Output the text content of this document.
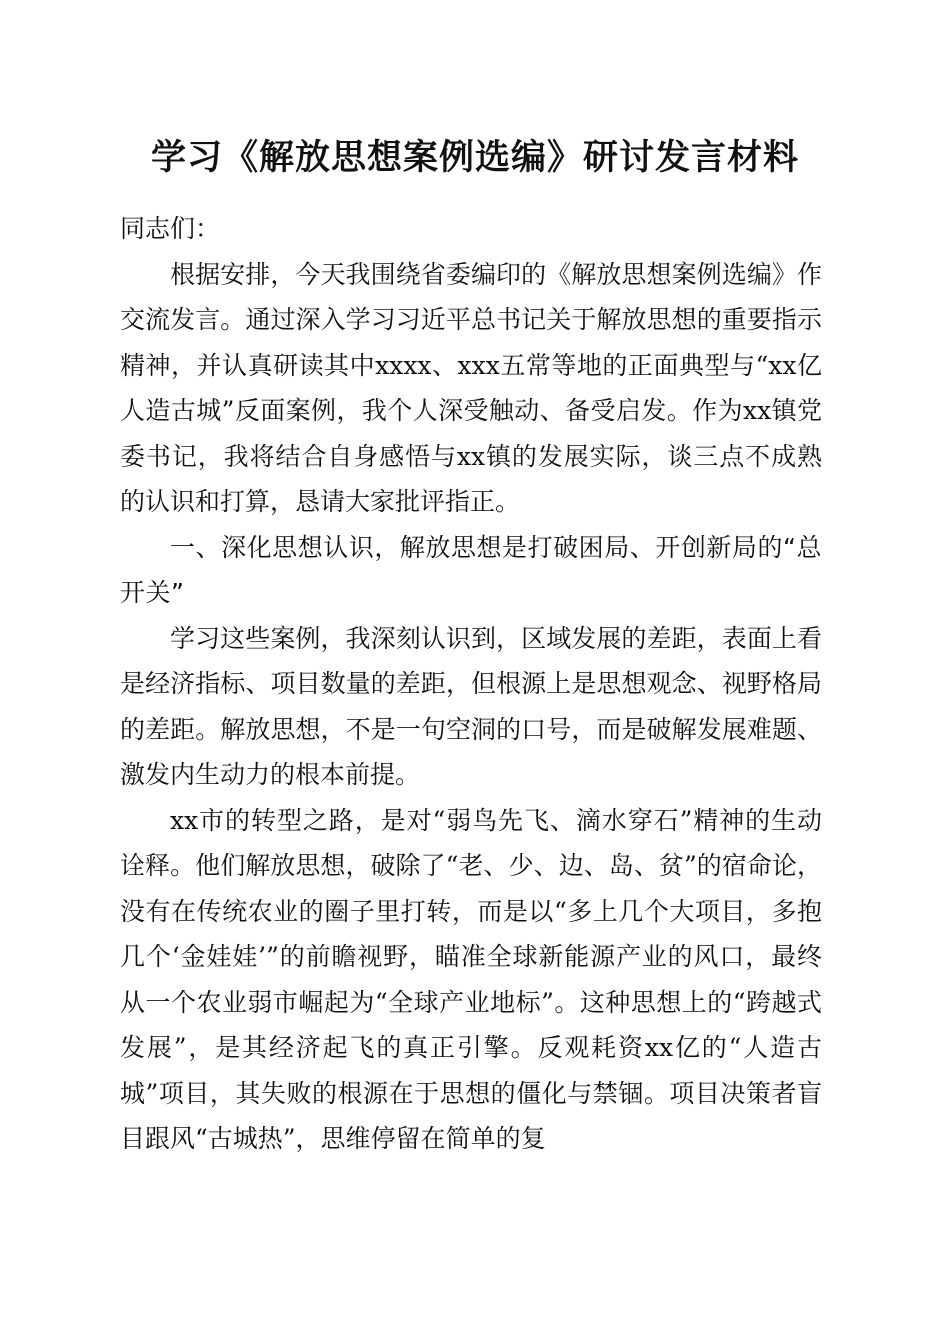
学习《解放思想案例选编》研讨发言材料

同志们：

根据安排，今天我围绕省委编印的《解放思想案例选编》作交流发言。通过深入学习习近平总书记关于解放思想的重要指示精神，并认真研读其中xxxx、xxx五常等地的正面典型与“xx亿人造古城”反面案例，我个人深受触动、备受启发。作为xx镇党委书记，我将结合自身感悟与xx镇的发展实际，谈三点不成熟的认识和打算，恳请大家批评指正。

一、深化思想认识，解放思想是打破困局、开创新局的“总开关”

学习这些案例，我深刻认识到，区域发展的差距，表面上看是经济指标、项目数量的差距，但根源上是思想观念、视野格局的差距。解放思想，不是一句空洞的口号，而是破解发展难题、激发内生动力的根本前提。

xx市的转型之路，是对“弱鸟先飞、滴水穿石”精神的生动诠释。他们解放思想，破除了“老、少、边、岛、贫”的宿命论，没有在传统农业的圈子里打转，而是以“多上几个大项目，多抱几个‘金娃娃’”的前瞻视野，瞄准全球新能源产业的风口，最终从一个农业弱市崛起为“全球产业地标”。这种思想上的“跨越式发展”，是其经济起飞的真正引擎。反观耗资xx亿的“人造古城”项目，其失败的根源在于思想的僵化与禁锢。项目决策者盲目跟风“古城热”，思维停留在简单的复
